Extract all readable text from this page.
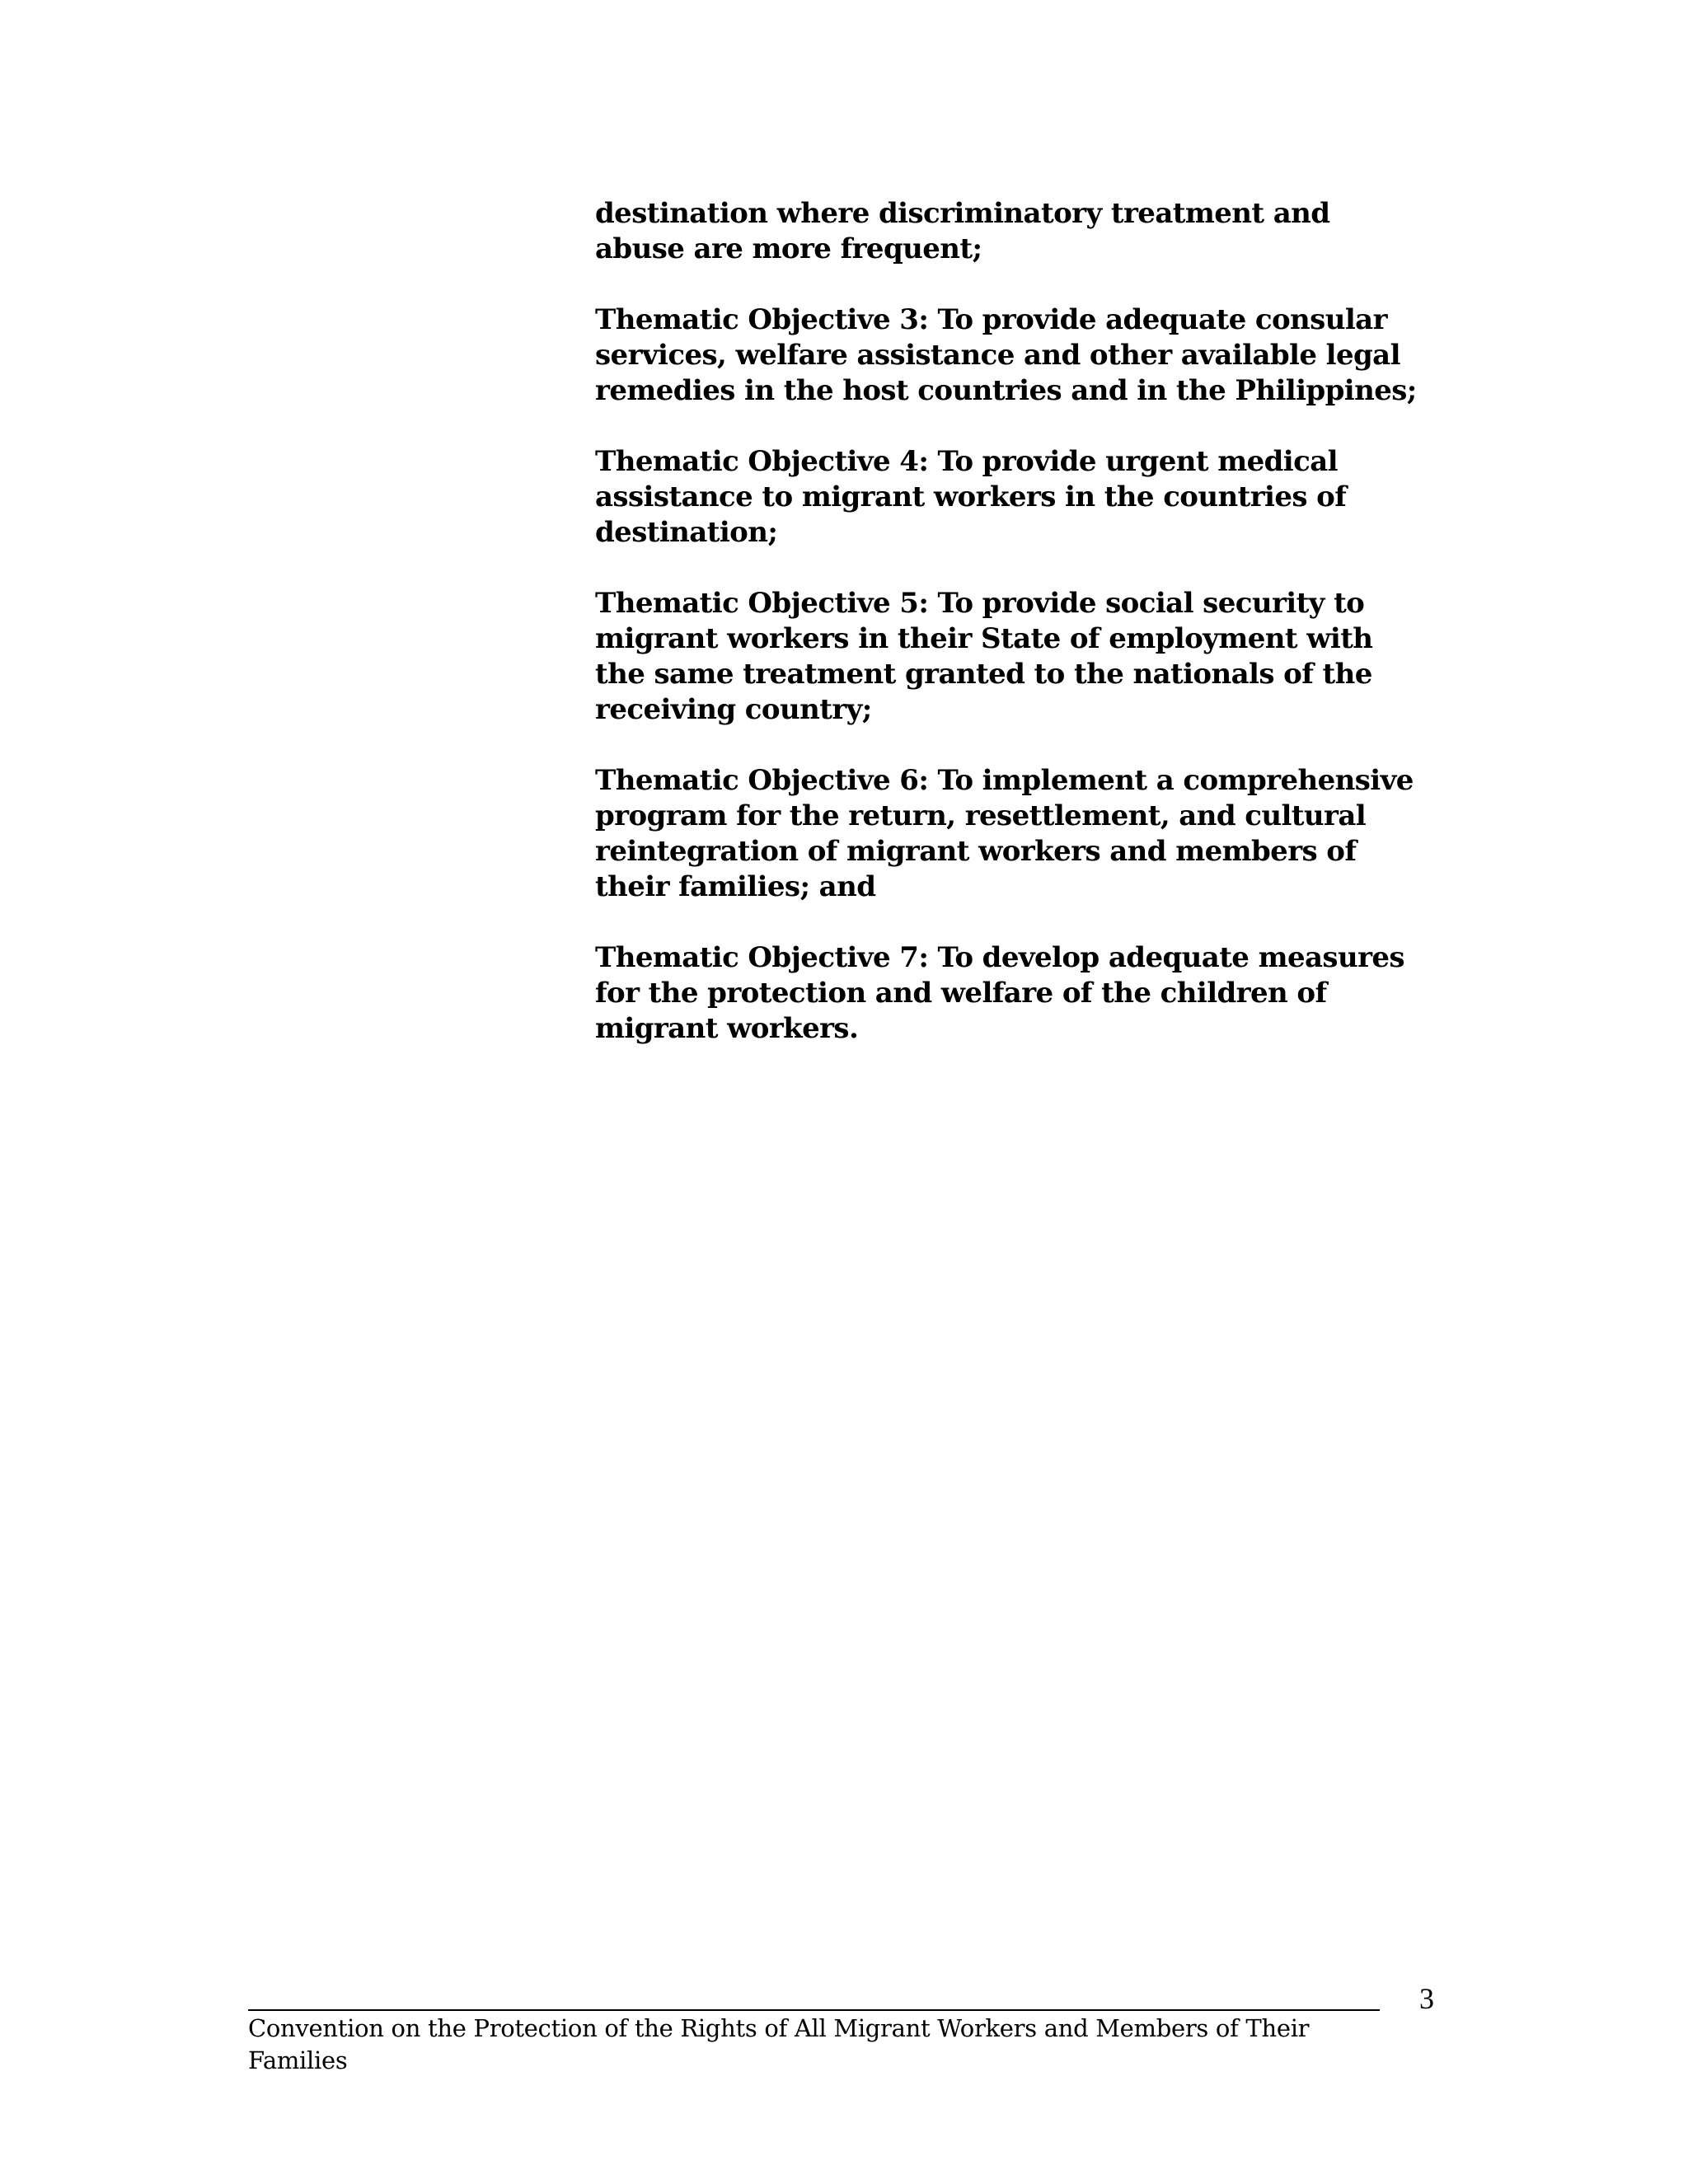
destination where discriminatory treatment and abuse are more frequent;

Thematic Objective 3: To provide adequate consular services, welfare assistance and other available legal remedies in the host countries and in the Philippines;

Thematic Objective 4: To provide urgent medical assistance to migrant workers in the countries of destination;

Thematic Objective 5: To provide social security to migrant workers in their State of employment with the same treatment granted to the nationals of the receiving country;

Thematic Objective 6: To implement a comprehensive program for the return, resettlement, and cultural reintegration of migrant workers and members of their families; and

Thematic Objective 7: To develop adequate measures for the protection and welfare of the children of migrant workers.

3
Convention on the Protection of the Rights of All Migrant Workers and Members of Their Families
